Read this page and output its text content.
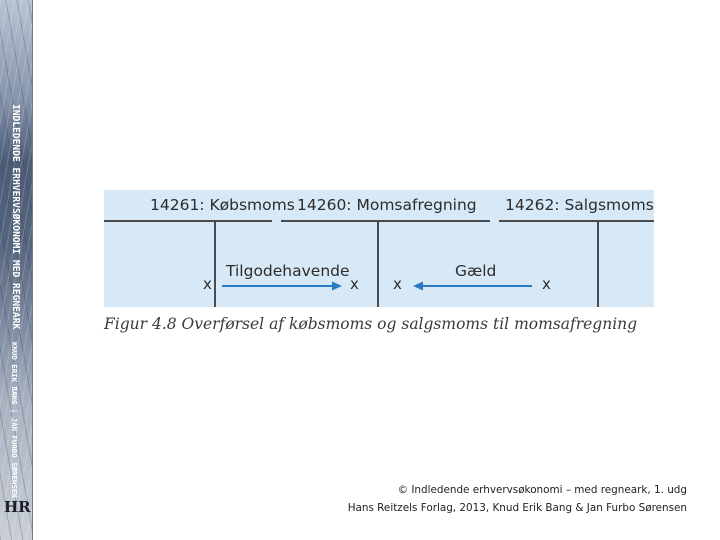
INDLEDENDE ERHVERVSØKONOMI MED REGNEARK
KNUD ERIK BANG | JAN FURBO SØRENSEN
HR
14261: Købsmoms 14260: Momsafregning 14262: Salgsmoms
x	x x	x
Tilgodehavende	Gæld
Figur 4.8 Overførsel af købsmoms og salgsmoms til momsafregning
© Indledende erhvervsøkonomi – med regneark, 1. udg
Hans Reitzels Forlag, 2013, Knud Erik Bang & Jan Furbo Sørensen
